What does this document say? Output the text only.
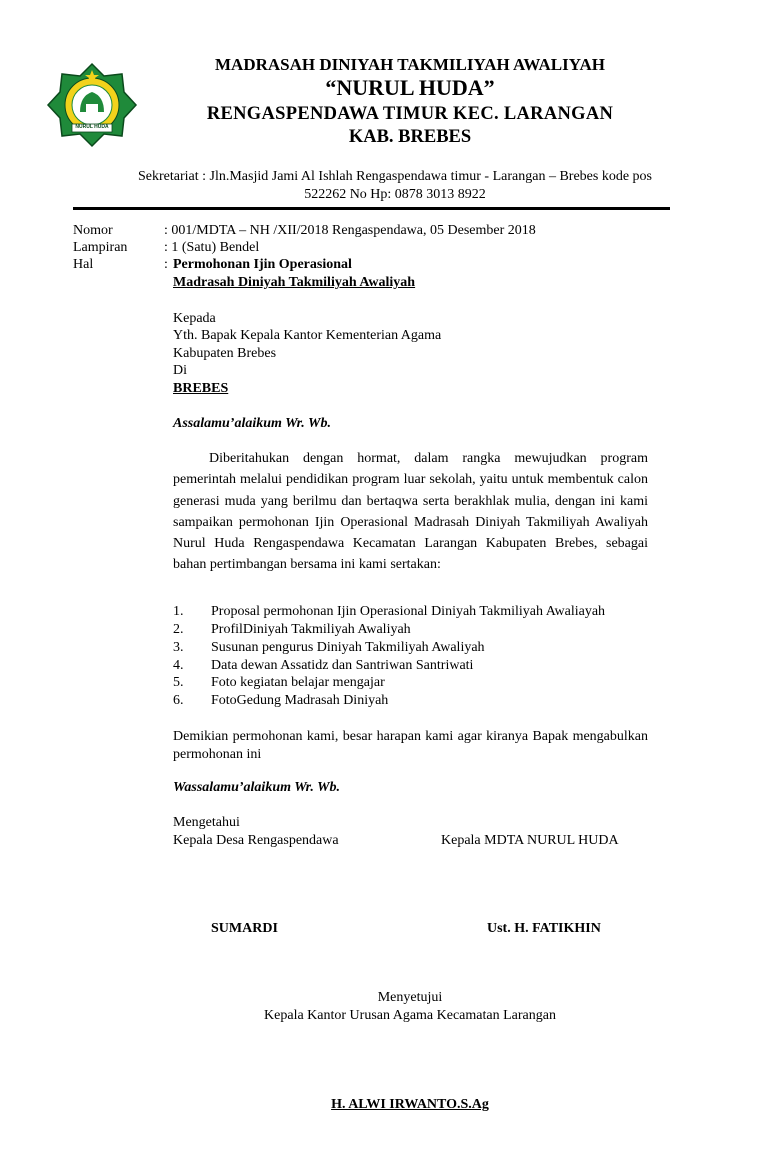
NURUL HUDA
MADRASAH DINIYAH TAKMILIYAH AWALIYAH
“NURUL HUDA”
RENGASPENDAWA TIMUR KEC. LARANGAN
KAB. BREBES
Sekretariat : Jln.Masjid Jami Al Ishlah Rengaspendawa timur - Larangan – Brebes kode pos
522262 No Hp: 0878 3013 8922
Nomor	: 001/MDTA – NH /XII/2018 Rengaspendawa, 05 Desember 2018
Lampiran	: 1 (Satu) Bendel
Hal	: Permohonan Ijin Operasional
Madrasah Diniyah Takmiliyah Awaliyah
Kepada
Yth. Bapak Kepala Kantor Kementerian Agama
Kabupaten Brebes
Di
BREBES
Assalamu’alaikum Wr. Wb.

Diberitahukan dengan hormat, dalam rangka mewujudkan program pemerintah melalui pendidikan program luar sekolah, yaitu untuk membentuk calon generasi muda yang berilmu dan bertaqwa serta berakhlak mulia, dengan ini kami sampaikan permohonan Ijin Operasional Madrasah Diniyah Takmiliyah Awaliyah Nurul Huda Rengaspendawa Kecamatan Larangan Kabupaten Brebes, sebagai bahan pertimbangan bersama ini kami sertakan:

1. Proposal permohonan Ijin Operasional Diniyah Takmiliyah Awaliayah
2. ProfilDiniyah Takmiliyah Awaliyah
3. Susunan pengurus Diniyah Takmiliyah Awaliyah
4. Data dewan Assatidz dan Santriwan Santriwati
5. Foto kegiatan belajar mengajar
6. FotoGedung Madrasah Diniyah
Demikian permohonan kami, besar harapan kami agar kiranya Bapak mengabulkan permohonan ini
Wassalamu’alaikum Wr. Wb.
Mengetahui
Kepala Desa Rengaspendawa	Kepala MDTA NURUL HUDA
SUMARDI	Ust. H. FATIKHIN
Menyetujui
Kepala Kantor Urusan Agama Kecamatan Larangan
H. ALWI IRWANTO.S.Ag
